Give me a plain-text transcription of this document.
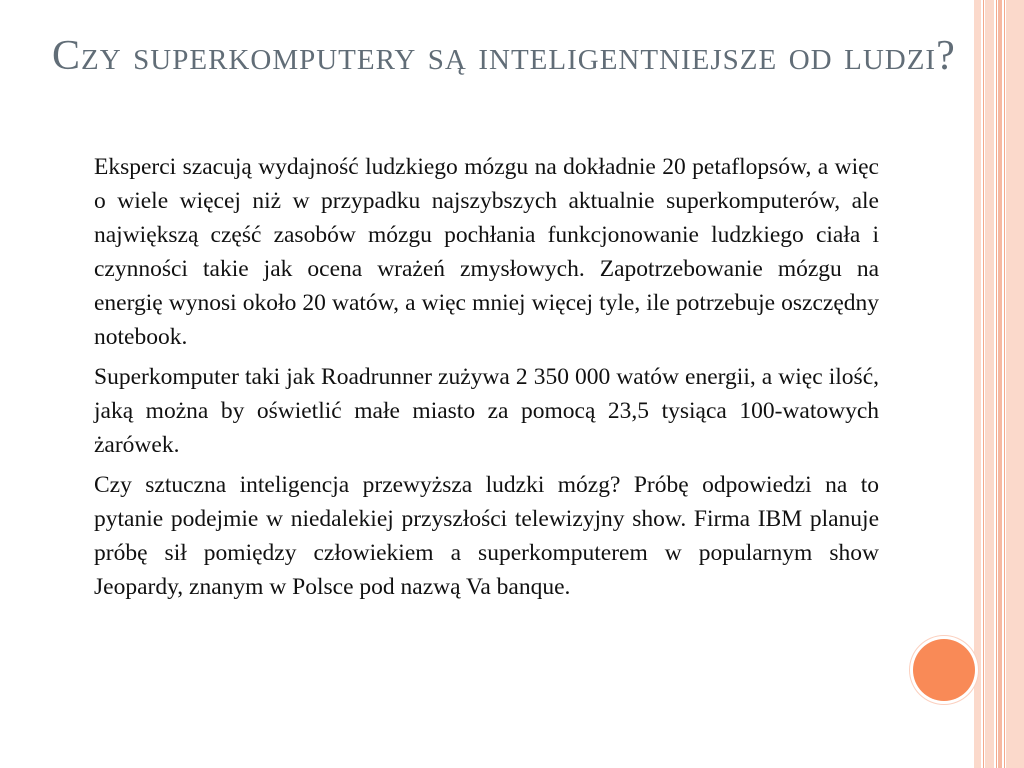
Czy superkomputery są inteligentniejsze od ludzi?

Eksperci szacują wydajność ludzkiego mózgu na dokładnie 20 petaflopsów, a więc o wiele więcej niż w przypadku najszybszych aktualnie superkomputerów, ale największą część zasobów mózgu pochłania funkcjonowanie ludzkiego ciała i czynności takie jak ocena wrażeń zmysłowych. Zapotrzebowanie mózgu na energię wynosi około 20 watów, a więc mniej więcej tyle, ile potrzebuje oszczędny notebook.

Superkomputer taki jak Roadrunner zużywa 2 350 000 watów energii, a więc ilość, jaką można by oświetlić małe miasto za pomocą 23,5 tysiąca 100-watowych żarówek.

Czy sztuczna inteligencja przewyższa ludzki mózg? Próbę odpowiedzi na to pytanie podejmie w niedalekiej przyszłości telewizyjny show. Firma IBM planuje próbę sił pomiędzy człowiekiem a superkomputerem w popularnym show Jeopardy, znanym w Polsce pod nazwą Va banque.
